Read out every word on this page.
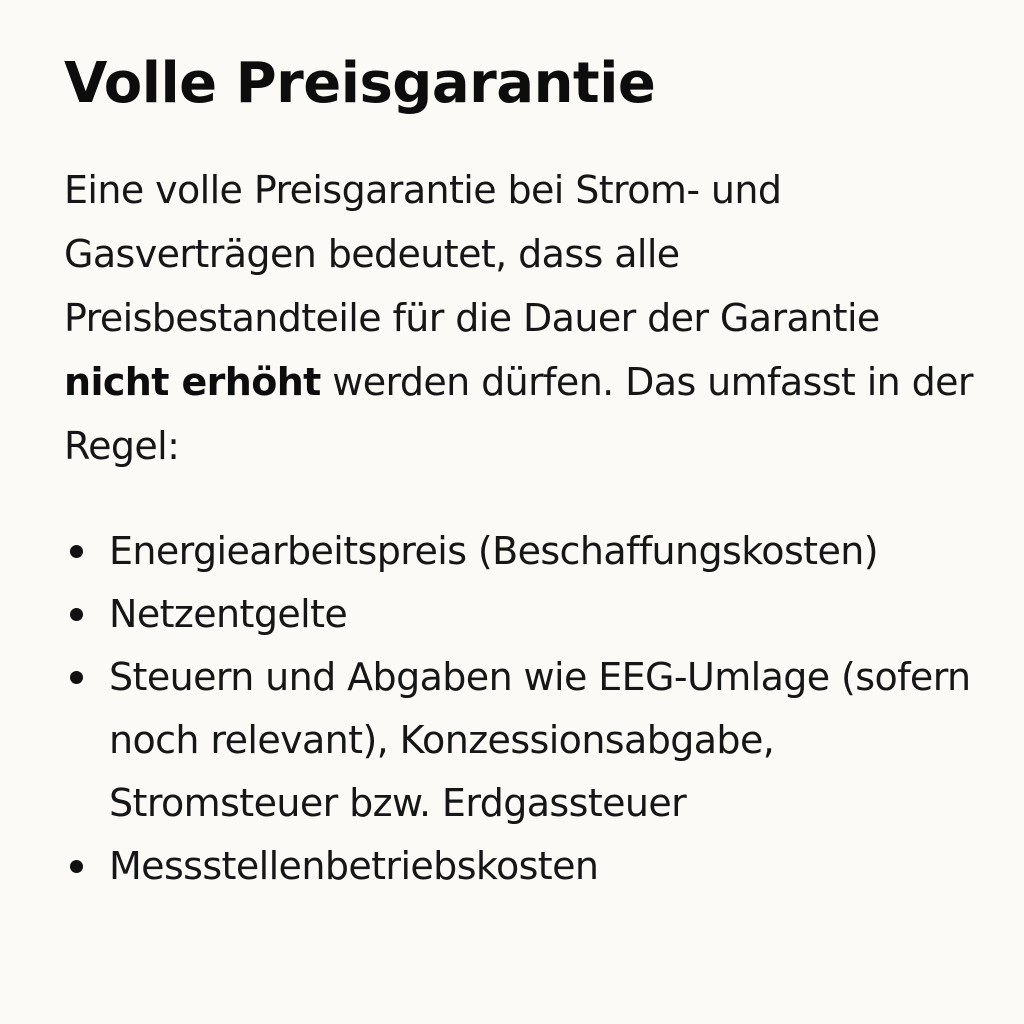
Volle Preisgarantie

Eine volle Preisgarantie bei Strom- und Gasverträgen bedeutet, dass alle Preisbestandteile für die Dauer der Garantie nicht erhöht werden dürfen. Das umfasst in der Regel:

Energiearbeitspreis (Beschaffungskosten)
Netzentgelte
Steuern und Abgaben wie EEG-Umlage (sofern noch relevant), Konzessionsabgabe, Stromsteuer bzw. Erdgassteuer
Messstellenbetriebskosten
